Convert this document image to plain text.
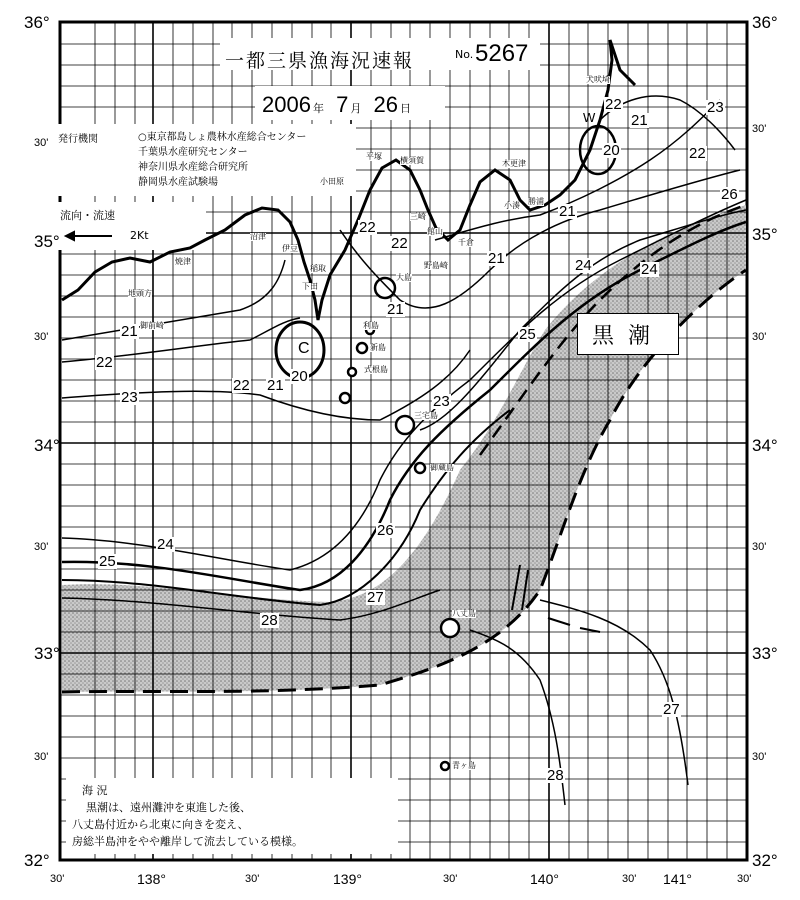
一都三県漁海況速報	No. 5267
2006 年 7 月 26 日
発行機関	○東京都島しょ農林水産総合センター
千葉県水産研究センター
神奈川県水産総合研究所
静岡県水産試験場
流向・流速
2Kt
黒潮
海 況
黒潮は、遠州灘沖を東進した後、
八丈島付近から北東に向きを変え、
房総半島沖をやや離岸して流去している模様。
36°
30'
35°
30'
34°
30'
33°
30'
32°
36°
30'
35°
30'
34°
30'
33°
30'
32°
30'	138°	30'	139°	30'	140°	30' 141°	30'
22
21
23
20
22
21
26
22
22
21
21
24
21
22
20	22
21
23
25
23
26
24
24
25
27
28
27
28
W
C
犬吠埼
木更津
勝浦
小湊
館山
千倉
野島崎
平塚
小田原
横須賀
三崎
伊豆
下田
大島
利島
新島
式根島
三宅島
御蔵島
八丈島
青ヶ島
御前崎
焼津
地頭方
稲取
沼津
